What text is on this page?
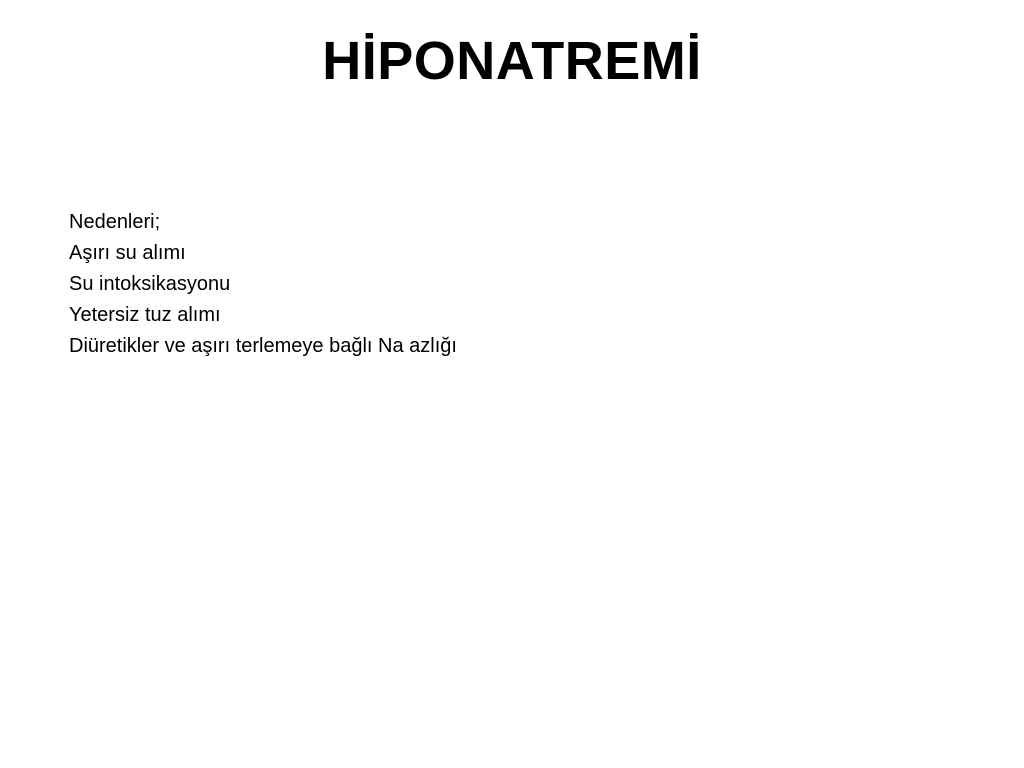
HİPONATREMİ
Nedenleri;
Aşırı su alımı
Su intoksikasyonu
Yetersiz tuz alımı
Diüretikler ve aşırı terlemeye bağlı Na azlığı
